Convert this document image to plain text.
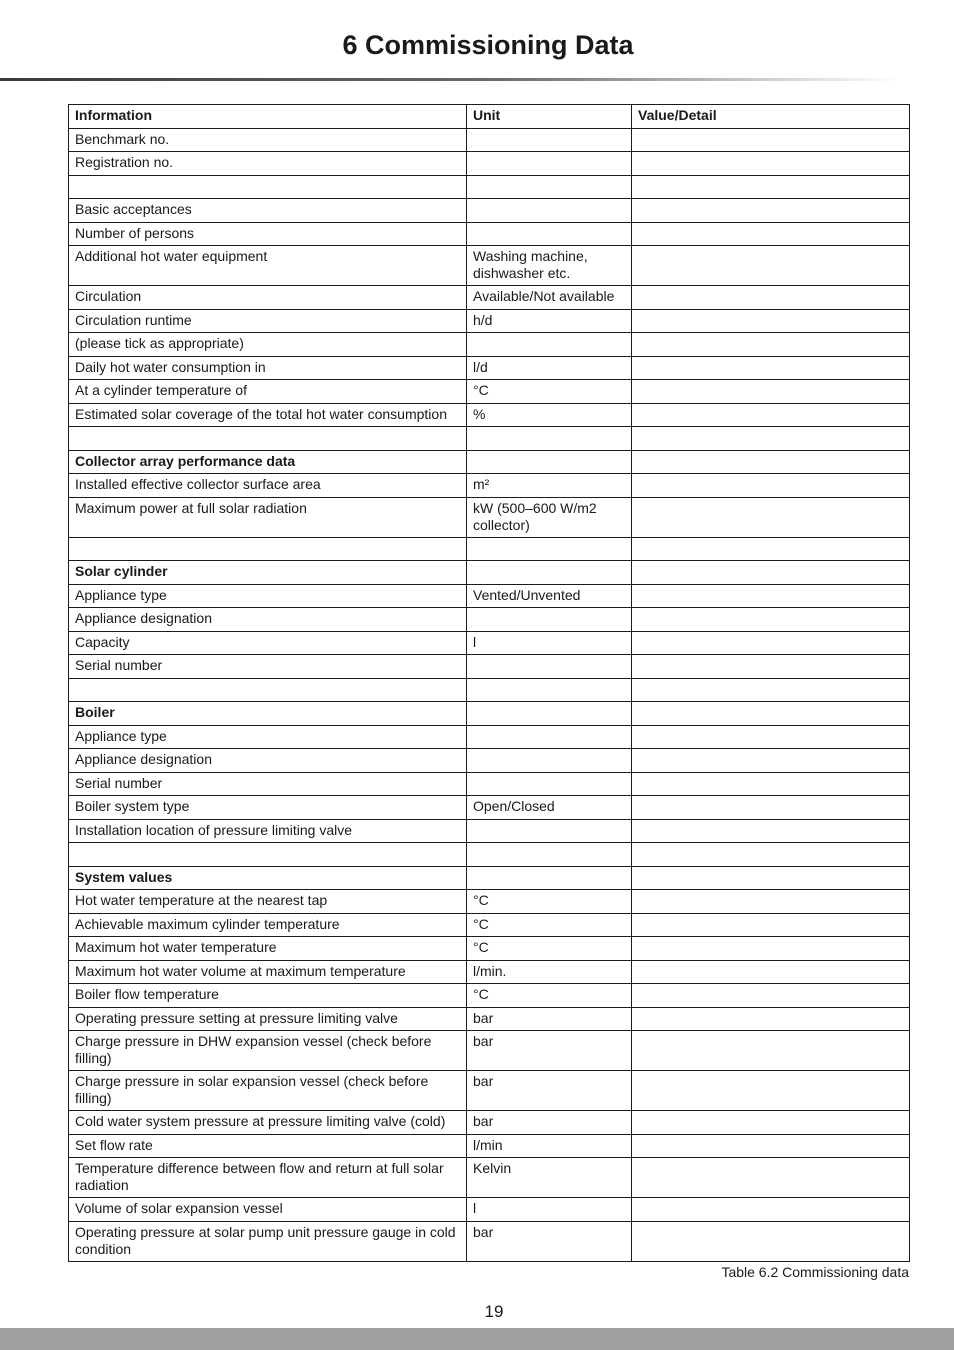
6 Commissioning Data
Information	Unit	Value/Detail
Benchmark no.		
Registration no.		

Basic acceptances		
Number of persons		
Additional hot water equipment	Washing machine, dishwasher etc.	
Circulation	Available/Not available	
Circulation runtime	h/d	
(please tick as appropriate)		
Daily hot water consumption in	l/d	
At a cylinder temperature of	°C	
Estimated solar coverage of the total hot water consumption	%	

Collector array performance data		
Installed effective collector surface area	m²	
Maximum power at full solar radiation	kW (500–600 W/m2 collector)	

Solar cylinder		
Appliance type	Vented/Unvented	
Appliance designation		
Capacity	l	
Serial number		

Boiler		
Appliance type		
Appliance designation		
Serial number		
Boiler system type	Open/Closed	
Installation location of pressure limiting valve		

System values		
Hot water temperature at the nearest tap	°C	
Achievable maximum cylinder temperature	°C	
Maximum hot water temperature	°C	
Maximum hot water volume at maximum temperature	l/min.	
Boiler flow temperature	°C	
Operating pressure setting at pressure limiting valve	bar	
Charge pressure in DHW expansion vessel (check before filling)	bar	
Charge pressure in solar expansion vessel (check before filling)	bar	
Cold water system pressure at pressure limiting valve (cold)	bar	
Set flow rate	l/min	
Temperature difference between flow and return at full solar radiation	Kelvin	
Volume of solar expansion vessel	l	
Operating pressure at solar pump unit pressure gauge in cold condition	bar	
Table 6.2 Commissioning data
19
